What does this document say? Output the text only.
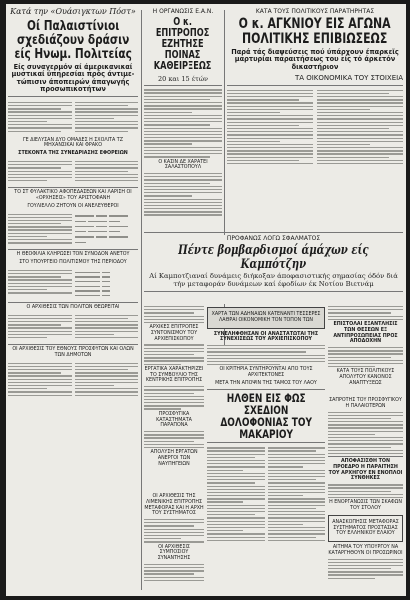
Κατά την «Ουάσιγκτων Πόστ»
Οί Παλαιστίνιοι σχεδιάζουν δράσιν είς Ηνωμ. Πολιτείας
Είς συναγερμόν αί άμερικανικαί μυστικαί ύπηρεσίαι πρός άντιμε-τώπισιν άποπειρών άπαγωγής προσωπικοτήτων
ΓΕ ΔΙΕΛΥΣΑΝ ΔΥΟ ΟΜΑΔΕΣ Η ΣΧΟΛΙΤΑ ΤΖ ΜΗΧΑΝΣΙΚΑΙ ΚΑΙ ΦΡΑΚΟ
ΣΤΕΚΟΝΤΑ ΤΗΣ ΣΥΝΕΔΡΙΑΣΗΣ ΕΦΟΡΕΙΩΝ
ΤΟ ΣΤ ΦΥΛΑΚΤΙΚΟ ΑΦΟΠΕΔΑΣΕΩΝ ΚΑΙ ΛΑΡΙΣΗ ΟΙ «ΟΡΧΗΣΕΙΣ» ΤΟΥ ΑΡΙΣΤΟΦΑΝΗ
ΓΟΥΛΙΕΛΛΟ ΖΗΤΟΥΝ ΟΙ ΑΝΕΛΕΥΘΕΡΟΙ
Η ΘΕΟΦΙΛΙΑ ΚΛΗΡΩΣΕΙ ΤΟΝ ΣΥΝΟΔΟΝ ΑΝΕΤΟΥ
ΣΤΟ ΥΠΟΥΡΓΕΙΟ ΠΟΛΙΤΙΣΜΟΥ ΤΗΣ ΠΕΡΙΟΔΟΥ
Ο ΑΡΧΙΘΕΣΙΣ ΤΩΝ ΠΟΛΙΤΩΝ ΘΕΩΡΕΙΤΑΙ
ΟΙ ΑΡΧΙΘΕΣΙΣ ΤΟΥ ΕΘΝΟΥΣ ΠΡΟΣΦΥΓΩΝ ΚΑΙ ΟΛΩΝ ΤΩΝ ΔΗΜΟΤΩΝ
Η ΟΡΓΑΝΩΣΙΣ Ε.Α.Ν.
Ο κ. ΕΠΙΤΡΟΠΟΣ ΕΖΗΤΗΣΕ ΠΟΙΝΑΣ ΚΑΘΕΙΡΞΕΩΣ
20 και 15 έτών
Ο ΚΑΣΙΝ ΔΕ ΧΑΡΑΤΕΙ ΣΑΛΑΣΤΟΠΟΥΛ
ΚΑΤΑ ΤΟΥΣ ΠΟΛΙΤΙΚΟΥΣ ΠΑΡΑΤΗΡΗΤΑΣ
Ο κ. ΑΓΚΝΙΟΥ ΕΙΣ ΑΓΩΝΑ ΠΟΛΙΤΙΚΗΣ ΕΠΙΒΙΩΣΕΩΣ
Παρά τάς διαψεύσεις πού ύπάρχουν έπαρκεῖς μαρτυρίαι παραιτήσεως του είς τό άρκετόν δικαστήριον
ΤΑ ΟΙΚΟΝΟΜΙΚΑ ΤΟΥ ΣΤΟΙΧΕΙΑ
ΠΡΟΦΑΝΩΣ ΛΟΓΩ ΣΦΑΛΜΑΤΟΣ
Πέντε βομβαρδισμοί άμάχων είς Καμπότζην
Αί Καμποτζιαναί δυνάμεις διήκοξαν άποφασιστικής σημασίας όδόν διά τήν μεταφοράν δυνάμεων καί έφοδίων έκ Νοτίου Βιετνάμ
ΑΡΧΙΚΕΣ ΕΠΙΤΡΟΠΕΣ ΣΥΝΤΟΝΙΣΜΟΥ ΤΟΥ ΑΡΧΙΕΠΙΣΚΟΠΟΥ
ΕΡΓΑΤΙΚΑ ΧΑΡΑΚΤΗΡΙΖΕΙ ΤΟ ΣΥΜΒΟΥΛΙΟ ΤΗΣ ΚΕΝΤΡΙΚΗΣ ΕΠΙΤΡΟΠΗΣ
ΠΡΟΣΦΥΓΙΚΑ ΚΑΤΑΣΤΗΜΑΤΑ ΠΑΡΑΠΟΝΑ
ΑΠΟΛΥΣΗ ΕΡΓΑΤΩΝ ΑΝΕΡΓΟΙ ΤΩΝ ΝΑΥΠΗΓΕΙΩΝ
ΧΑΡΤΑ ΤΩΝ ΑΔΗΝΑΙΩΝ ΚΑΤΕΝΑΝΤΙ ΤΕΣΣΕΡΕΣ ΛΑΘΡΑΙ ΟΙΚΟΝΟΜΙΚΗ ΤΟΝ ΤΟΠΟΝ ΤΩΝ
ΣΥΝΕΛΗΦΘΗΣΑΝ ΟΙ ΑΝΑΣΤΑΤΩΤΑΙ ΤΗΣ ΣΥΝΕΧΙΣΕΩΣ ΤΟΥ ΑΡΧΙΕΠΙΣΚΟΠΟΥ
ΟΙ ΚΡΙΤΗΡΙΑ ΣΥΝΤΗΡΟΥΝΤΑΙ ΑΠΟ ΤΟΥΣ ΑΡΧΙΤΕΚΤΟΝΕΣ
ΜΕΤΑ ΤΗΝ ΑΠΟΨΙΝ ΤΗΣ ΤΑΜΟΣ ΤΟΥ ΛΑΟΥ
ΕΠΙΣΤΟΛΑΙ ΕΞΑΝΤΛΗΣΙΣ ΤΩΝ ΘΕΣΕΩΝ ΕΞ ΑΝΤΙΠΡΟΣΩΠΕΙΑΣ ΠΡΟΣ ΑΠΟΔΟΧΗΝ
ΚΑΤΑ ΤΟΥΣ ΠΟΛΙΤΙΚΟΥΣ ΑΠΟΛΥΤΟΥ ΚΑΝΟΝΟΣ ΑΝΑΠΤΥΞΕΩΣ
ΗΛΘΕΝ ΕΙΣ ΦΩΣ ΣΧΕΔΙΟΝ ΔΟΛΟΦΟΝΙΑΣ ΤΟΥ ΜΑΚΑΡΙΟΥ
ΟΙ ΑΡΧΙΘΕΣΙΣ ΤΗΣ ΛΙΜΕΝΙΚΗΣ ΕΠΙΤΡΟΠΗΣ ΜΕΤΑΦΟΡΑΣ ΚΑΙ Η ΑΡΧΗ ΤΟΥ ΣΥΣΤΗΜΑΤΟΣ
ΟΙ ΑΡΧΙΘΕΣΙΣ ΣΥΜΠΟΣΙΟΥ ΣΥΝΑΝΤΗΣΗΣ
ΣΑΠΡΟΤΗΣ ΤΟΥ ΠΡΟΣΦΥΓΙΚΟΥ Η ΠΑΛΑΙΟΤΕΡΩΝ
ΑΠΟΦΑΣΙΣΘΗ ΤΟΝ ΠΡΟΕΔΡΟ Η ΠΑΡΑΙΤΗΣΗ ΤΟΥ ΑΡΧΗΓΟΥ ΕΝ ΕΝΟΠΛΟΙ ΣΥΝΘΗΚΕΣ
Η ΕΝΟΡΓΑΝΩΣΙΣ ΤΩΝ ΣΚΑΦΩΝ ΤΟΥ ΣΤΟΛΟΥ
ΑΝΑΣΚΟΠΗΣΙΣ ΜΕΤΑΦΟΡΑΣ ΣΥΣΤΗΜΑΤΟΣ ΠΡΟΣΤΑΣΙΑΣ ΤΟΥ ΕΛΛΗΝΙΚΟΥ ΕΛΑΙΟΥ
ΑΙΤΗΜΑ ΤΟΥ ΥΠΟΥΡΓΟΥ ΝΑ ΚΑΤΑΡΓΗΘΟΥΝ ΟΙ ΠΡΟΣΩΡΙΝΟΙ
